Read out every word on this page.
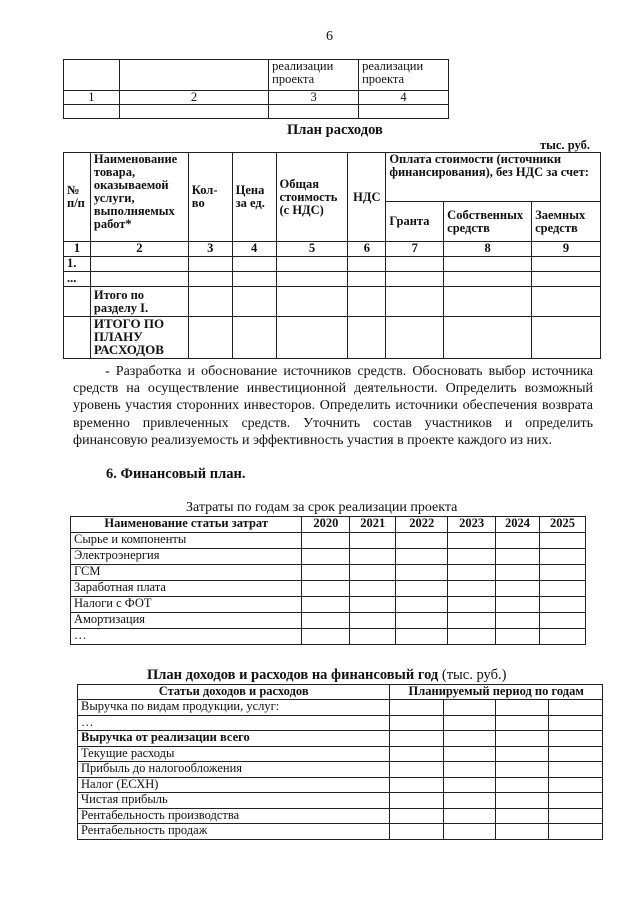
6
		реализации проекта	реализации проекта
1	2	3	4

План расходов
тыс. руб.
№ п/п	Наименование товара, оказываемой услуги, выполняемых работ*	Кол-во	Цена за ед.	Общая стоимость (с НДС)	НДС	Оплата стоимости (источники финансирования), без НДС за счет:		
						Гранта	Собственных средств	Заемных средств
1	2	3	4	5	6	7	8	9
1.								
...								
	Итого по разделу I.							
	ИТОГО ПО ПЛАНУ РАСХОДОВ							
- Разработка и обоснование источников средств. Обосновать выбор источника средств на осуществление инвестиционной деятельности. Определить возможный уровень участия сторонних инвесторов. Определить источники обеспечения возврата временно привлеченных средств. Уточнить состав участников и определить финансовую реализуемость и эффективность участия в проекте каждого из них.
6. Финансовый план.
Затраты по годам за срок реализации проекта
Наименование статьи затрат	2020	2021	2022	2023	2024	2025
Сырье и компоненты						
Электроэнергия						
ГСМ						
Заработная плата						
Налоги с ФОТ						
Амортизация						
…						
План доходов и расходов на финансовый год (тыс. руб.)
Статьи доходов и расходов	Планируемый период по годам			
Выручка по видам продукции, услуг:				
…				
Выручка от реализации всего				
Текущие расходы				
Прибыль до налогообложения				
Налог (ЕСХН)				
Чистая прибыль				
Рентабельность производства				
Рентабельность продаж				
